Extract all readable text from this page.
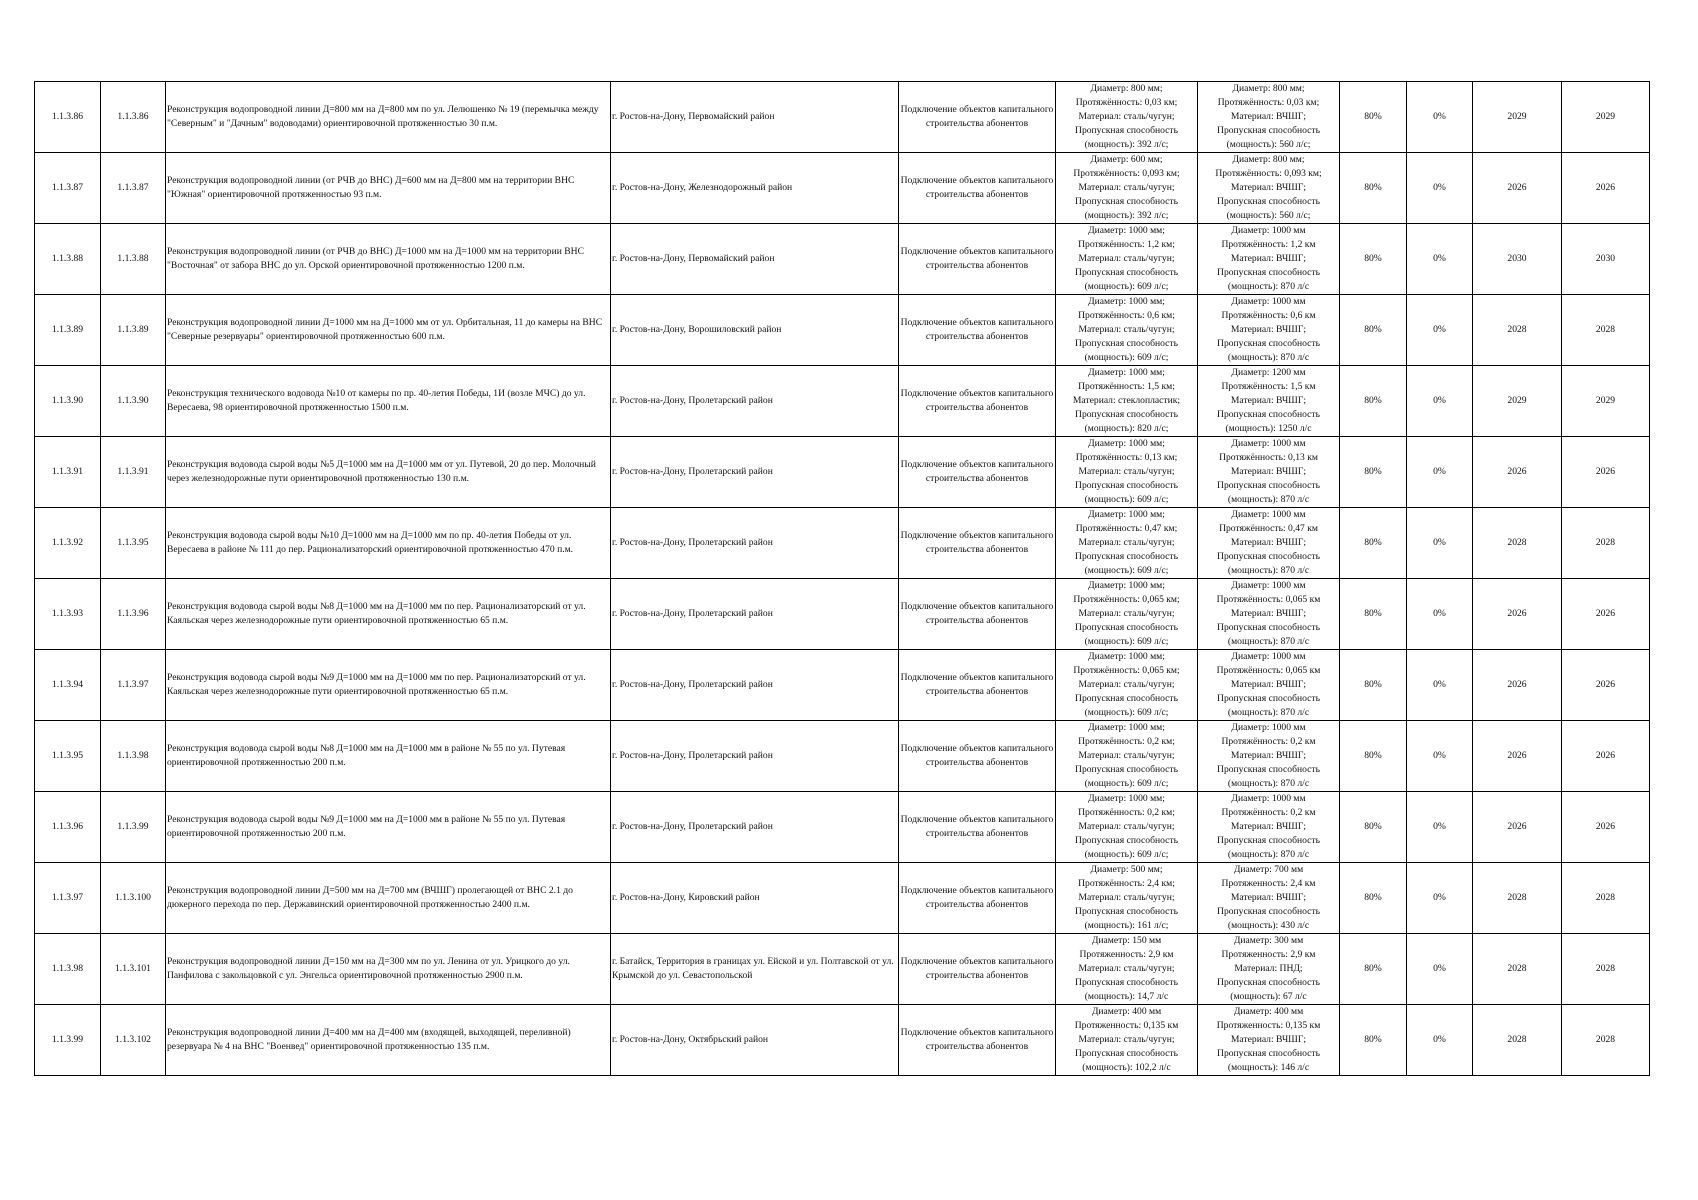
1.1.3.86	1.1.3.86	Реконструкция водопроводной линии Д=800 мм на Д=800 мм по ул. Лелюшенко № 19 (перемычка между "Северным" и "Дачным" водоводами) ориентировочной протяженностью 30 п.м.	г. Ростов-на-Дону, Первомайский район	Подключение объектов капитального строительства абонентов	Диаметр: 800 мм;
Протяжённость: 0,03 км;
Материал: сталь/чугун;
Пропускная способность
(мощность): 392 л/с;	Диаметр: 800 мм;
Протяжённость: 0,03 км;
Материал: ВЧШГ;
Пропускная способность
(мощность): 560 л/с;	80%	0%	2029	2029
1.1.3.87	1.1.3.87	Реконструкция водопроводной линии (от РЧВ до ВНС) Д=600 мм на Д=800 мм на территории ВНС "Южная" ориентировочной протяженностью 93 п.м.	г. Ростов-на-Дону, Железнодорожный район	Подключение объектов капитального строительства абонентов	Диаметр: 600 мм;
Протяжённость: 0,093 км;
Материал: сталь/чугун;
Пропускная способность
(мощность): 392 л/с;	Диаметр: 800 мм;
Протяжённость: 0,093 км;
Материал: ВЧШГ;
Пропускная способность
(мощность): 560 л/с;	80%	0%	2026	2026
1.1.3.88	1.1.3.88	Реконструкция водопроводной линии (от РЧВ до ВНС) Д=1000 мм на Д=1000 мм на территории ВНС "Восточная" от забора ВНС до ул. Орской ориентировочной протяженностью 1200 п.м.	г. Ростов-на-Дону, Первомайский район	Подключение объектов капитального строительства абонентов	Диаметр: 1000 мм;
Протяжённость: 1,2 км;
Материал: сталь/чугун;
Пропускная способность
(мощность): 609 л/с;	Диаметр: 1000 мм
Протяжённость: 1,2 км
Материал: ВЧШГ;
Пропускная способность
(мощность): 870 л/с	80%	0%	2030	2030
1.1.3.89	1.1.3.89	Реконструкция водопроводной линии Д=1000 мм на Д=1000 мм от ул. Орбитальная, 11 до камеры на ВНС "Северные резервуары" ориентировочной протяженностью 600 п.м.	г. Ростов-на-Дону, Ворошиловский район	Подключение объектов капитального строительства абонентов	Диаметр: 1000 мм;
Протяжённость: 0,6 км;
Материал: сталь/чугун;
Пропускная способность
(мощность): 609 л/с;	Диаметр: 1000 мм
Протяжённость: 0,6 км
Материал: ВЧШГ;
Пропускная способность
(мощность): 870 л/с	80%	0%	2028	2028
1.1.3.90	1.1.3.90	Реконструкция технического водовода №10 от камеры по пр. 40-летия Победы, 1И (возле МЧС) до ул. Вересаева, 98 ориентировочной протяженностью 1500 п.м.	г. Ростов-на-Дону, Пролетарский район	Подключение объектов капитального строительства абонентов	Диаметр: 1000 мм;
Протяжённость: 1,5 км;
Материал: стеклопластик;
Пропускная способность
(мощность): 820 л/с;	Диаметр: 1200 мм
Протяжённость: 1,5 км
Материал: ВЧШГ;
Пропускная способность
(мощность): 1250 л/с	80%	0%	2029	2029
1.1.3.91	1.1.3.91	Реконструкция водовода сырой воды №5 Д=1000 мм на Д=1000 мм от ул. Путевой, 20 до пер. Молочный через железнодорожные пути ориентировочной протяженностью 130 п.м.	г. Ростов-на-Дону, Пролетарский район	Подключение объектов капитального строительства абонентов	Диаметр: 1000 мм;
Протяжённость: 0,13 км;
Материал: сталь/чугун;
Пропускная способность
(мощность): 609 л/с;	Диаметр: 1000 мм
Протяжённость: 0,13 км
Материал: ВЧШГ;
Пропускная способность
(мощность): 870 л/с	80%	0%	2026	2026
1.1.3.92	1.1.3.95	Реконструкция водовода сырой воды №10 Д=1000 мм на Д=1000 мм по пр. 40-летия Победы от ул. Вересаева в районе № 111 до пер. Рационализаторский ориентировочной протяженностью 470 п.м.	г. Ростов-на-Дону, Пролетарский район	Подключение объектов капитального строительства абонентов	Диаметр: 1000 мм;
Протяжённость: 0,47 км;
Материал: сталь/чугун;
Пропускная способность
(мощность): 609 л/с;	Диаметр: 1000 мм
Протяжённость: 0,47 км
Материал: ВЧШГ;
Пропускная способность
(мощность): 870 л/с	80%	0%	2028	2028
1.1.3.93	1.1.3.96	Реконструкция водовода сырой воды №8 Д=1000 мм на Д=1000 мм по пер. Рационализаторский от ул. Каяльская через железнодорожные пути ориентировочной протяженностью 65 п.м.	г. Ростов-на-Дону, Пролетарский район	Подключение объектов капитального строительства абонентов	Диаметр: 1000 мм;
Протяжённость: 0,065 км;
Материал: сталь/чугун;
Пропускная способность
(мощность): 609 л/с;	Диаметр: 1000 мм
Протяжённость: 0,065 км
Материал: ВЧШГ;
Пропускная способность
(мощность): 870 л/с	80%	0%	2026	2026
1.1.3.94	1.1.3.97	Реконструкция водовода сырой воды №9 Д=1000 мм на Д=1000 мм по пер. Рационализаторский от ул. Каяльская через железнодорожные пути ориентировочной протяженностью 65 п.м.	г. Ростов-на-Дону, Пролетарский район	Подключение объектов капитального строительства абонентов	Диаметр: 1000 мм;
Протяжённость: 0,065 км;
Материал: сталь/чугун;
Пропускная способность
(мощность): 609 л/с;	Диаметр: 1000 мм
Протяжённость: 0,065 км
Материал: ВЧШГ;
Пропускная способность
(мощность): 870 л/с	80%	0%	2026	2026
1.1.3.95	1.1.3.98	Реконструкция водовода сырой воды №8 Д=1000 мм на Д=1000 мм в районе № 55 по ул. Путевая ориентировочной протяженностью 200 п.м.	г. Ростов-на-Дону, Пролетарский район	Подключение объектов капитального строительства абонентов	Диаметр: 1000 мм;
Протяжённость: 0,2 км;
Материал: сталь/чугун;
Пропускная способность
(мощность): 609 л/с;	Диаметр: 1000 мм
Протяжённость: 0,2 км
Материал: ВЧШГ;
Пропускная способность
(мощность): 870 л/с	80%	0%	2026	2026
1.1.3.96	1.1.3.99	Реконструкция водовода сырой воды №9 Д=1000 мм на Д=1000 мм в районе № 55 по ул. Путевая ориентировочной протяженностью 200 п.м.	г. Ростов-на-Дону, Пролетарский район	Подключение объектов капитального строительства абонентов	Диаметр: 1000 мм;
Протяжённость: 0,2 км;
Материал: сталь/чугун;
Пропускная способность
(мощность): 609 л/с;	Диаметр: 1000 мм
Протяжённость: 0,2 км
Материал: ВЧШГ;
Пропускная способность
(мощность): 870 л/с	80%	0%	2026	2026
1.1.3.97	1.1.3.100	Реконструкция водопроводной линии Д=500 мм на Д=700 мм (ВЧШГ) пролегающей от ВНС 2.1 до дюкерного перехода по пер. Державинский ориентировочной протяженностью 2400 п.м.	г. Ростов-на-Дону, Кировский район	Подключение объектов капитального строительства абонентов	Диаметр: 500 мм;
Протяжённость: 2,4 км;
Материал: сталь/чугун;
Пропускная способность
(мощность): 161 л/с;	Диаметр: 700 мм
Протяженность: 2,4 км
Материал: ВЧШГ;
Пропускная способность
(мощность): 430 л/с	80%	0%	2028	2028
1.1.3.98	1.1.3.101	Реконструкция водопроводной линии Д=150 мм на Д=300 мм по ул. Ленина от ул. Урицкого до ул. Панфилова с закольцовкой с ул. Энгельса ориентировочной протяженностью 2900 п.м.	г. Батайск, Территория в границах ул. Ейской и ул. Полтавской от ул. Крымской до ул. Севастопольской	Подключение объектов капитального строительства абонентов	Диаметр: 150 мм
Протяженность: 2,9 км
Материал: сталь/чугун;
Пропускная способность
(мощность): 14,7 л/с	Диаметр: 300 мм
Протяженность: 2,9 км
Материал: ПНД;
Пропускная способность
(мощность): 67 л/с	80%	0%	2028	2028
1.1.3.99	1.1.3.102	Реконструкция водопроводной линии Д=400 мм на Д=400 мм (входящей, выходящей, переливной) резервуара № 4 на ВНС "Военвед" ориентировочной протяженностью 135 п.м.	г. Ростов-на-Дону, Октябрьский район	Подключение объектов капитального строительства абонентов	Диаметр: 400 мм
Протяженность: 0,135 км
Материал: сталь/чугун;
Пропускная способность
(мощность): 102,2 л/с	Диаметр: 400 мм
Протяженность: 0,135 км
Материал: ВЧШГ;
Пропускная способность
(мощность): 146 л/с	80%	0%	2028	2028
